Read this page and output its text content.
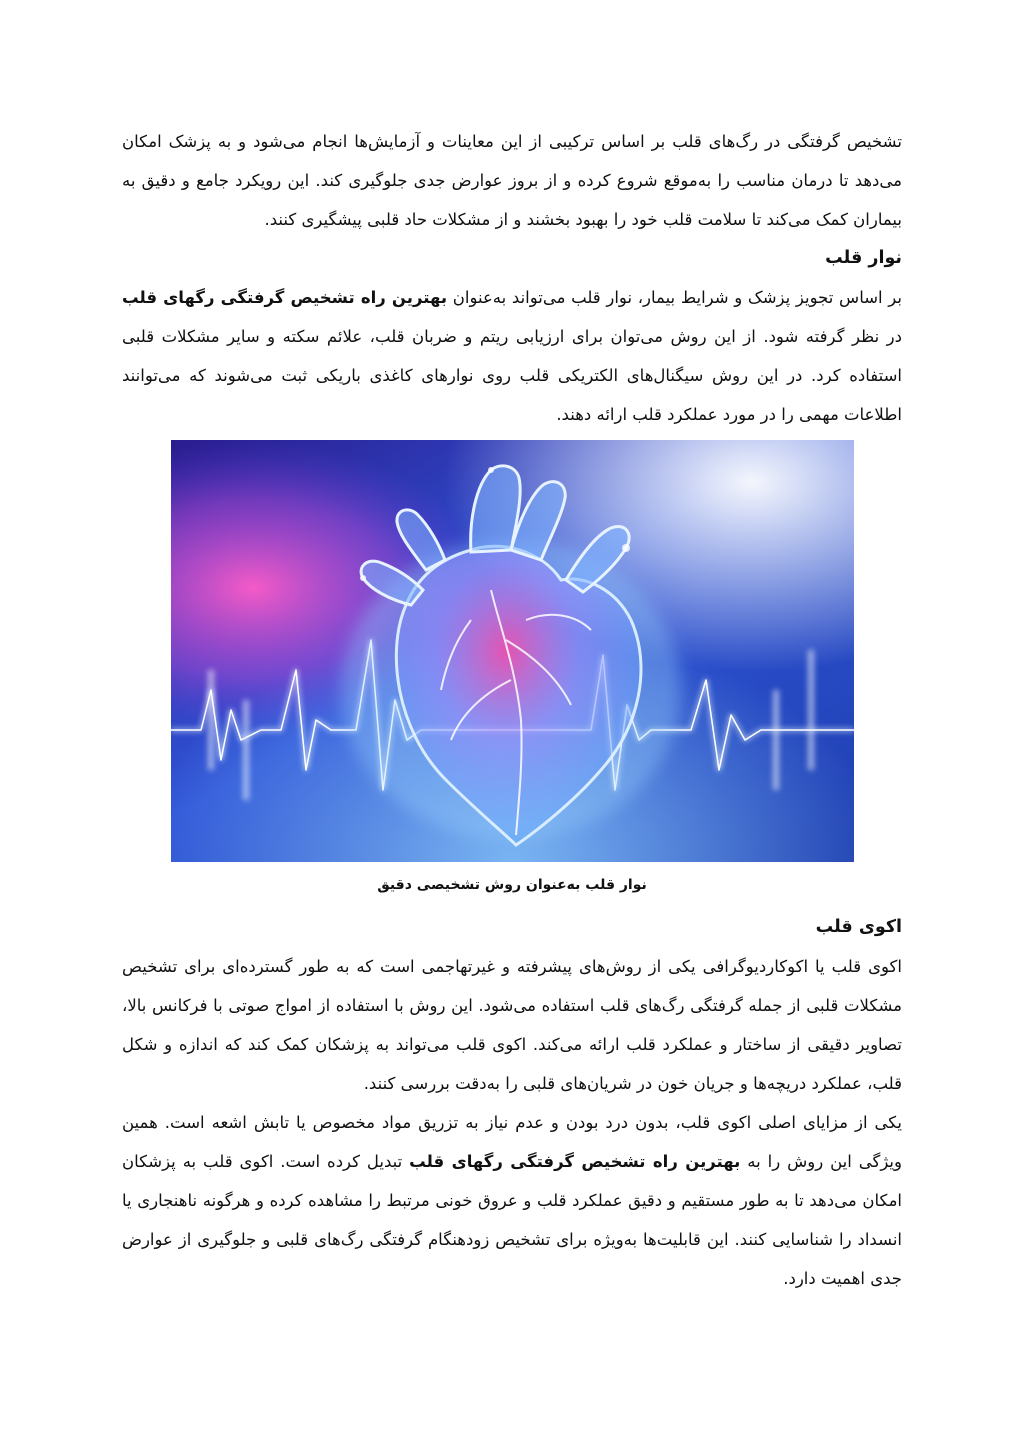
تشخیص گرفتگی در رگ‌های قلب بر اساس ترکیبی از این معاینات و آزمایش‌ها انجام می‌شود و به پزشک امکان می‌دهد تا درمان مناسب را به‌موقع شروع کرده و از بروز عوارض جدی جلوگیری کند. این رویکرد جامع و دقیق به بیماران کمک می‌کند تا سلامت قلب خود را بهبود بخشند و از مشکلات حاد قلبی پیشگیری کنند.

نوار قلب

بر اساس تجویز پزشک و شرایط بیمار، نوار قلب می‌تواند به‌عنوان بهترین راه تشخیص گرفتگی رگهای قلب در نظر گرفته شود. از این روش می‌توان برای ارزیابی ریتم و ضربان قلب، علائم سکته و سایر مشکلات قلبی استفاده کرد. در این روش سیگنال‌های الکتریکی قلب روی نوارهای کاغذی باریکی ثبت می‌شوند که می‌توانند اطلاعات مهمی را در مورد عملکرد قلب ارائه دهند.

نوار قلب به‌عنوان روش تشخیصی دقیق

اکوی قلب

اکوی قلب یا اکوکاردیوگرافی یکی از روش‌های پیشرفته و غیرتهاجمی است که به طور گسترده‌ای برای تشخیص مشکلات قلبی از جمله گرفتگی رگ‌های قلب استفاده می‌شود. این روش با استفاده از امواج صوتی با فرکانس بالا، تصاویر دقیقی از ساختار و عملکرد قلب ارائه می‌کند. اکوی قلب می‌تواند به پزشکان کمک کند که اندازه و شکل قلب، عملکرد دریچه‌ها و جریان خون در شریان‌های قلبی را به‌دقت بررسی کنند.

یکی از مزایای اصلی اکوی قلب، بدون درد بودن و عدم نیاز به تزریق مواد مخصوص یا تابش اشعه است. همین ویژگی این روش را به بهترین راه تشخیص گرفتگی رگهای قلب تبدیل کرده است. اکوی قلب به پزشکان امکان می‌دهد تا به طور مستقیم و دقیق عملکرد قلب و عروق خونی مرتبط را مشاهده کرده و هرگونه ناهنجاری یا انسداد را شناسایی کنند. این قابلیت‌ها به‌ویژه برای تشخیص زودهنگام گرفتگی رگ‌های قلبی و جلوگیری از عوارض جدی اهمیت دارد.
